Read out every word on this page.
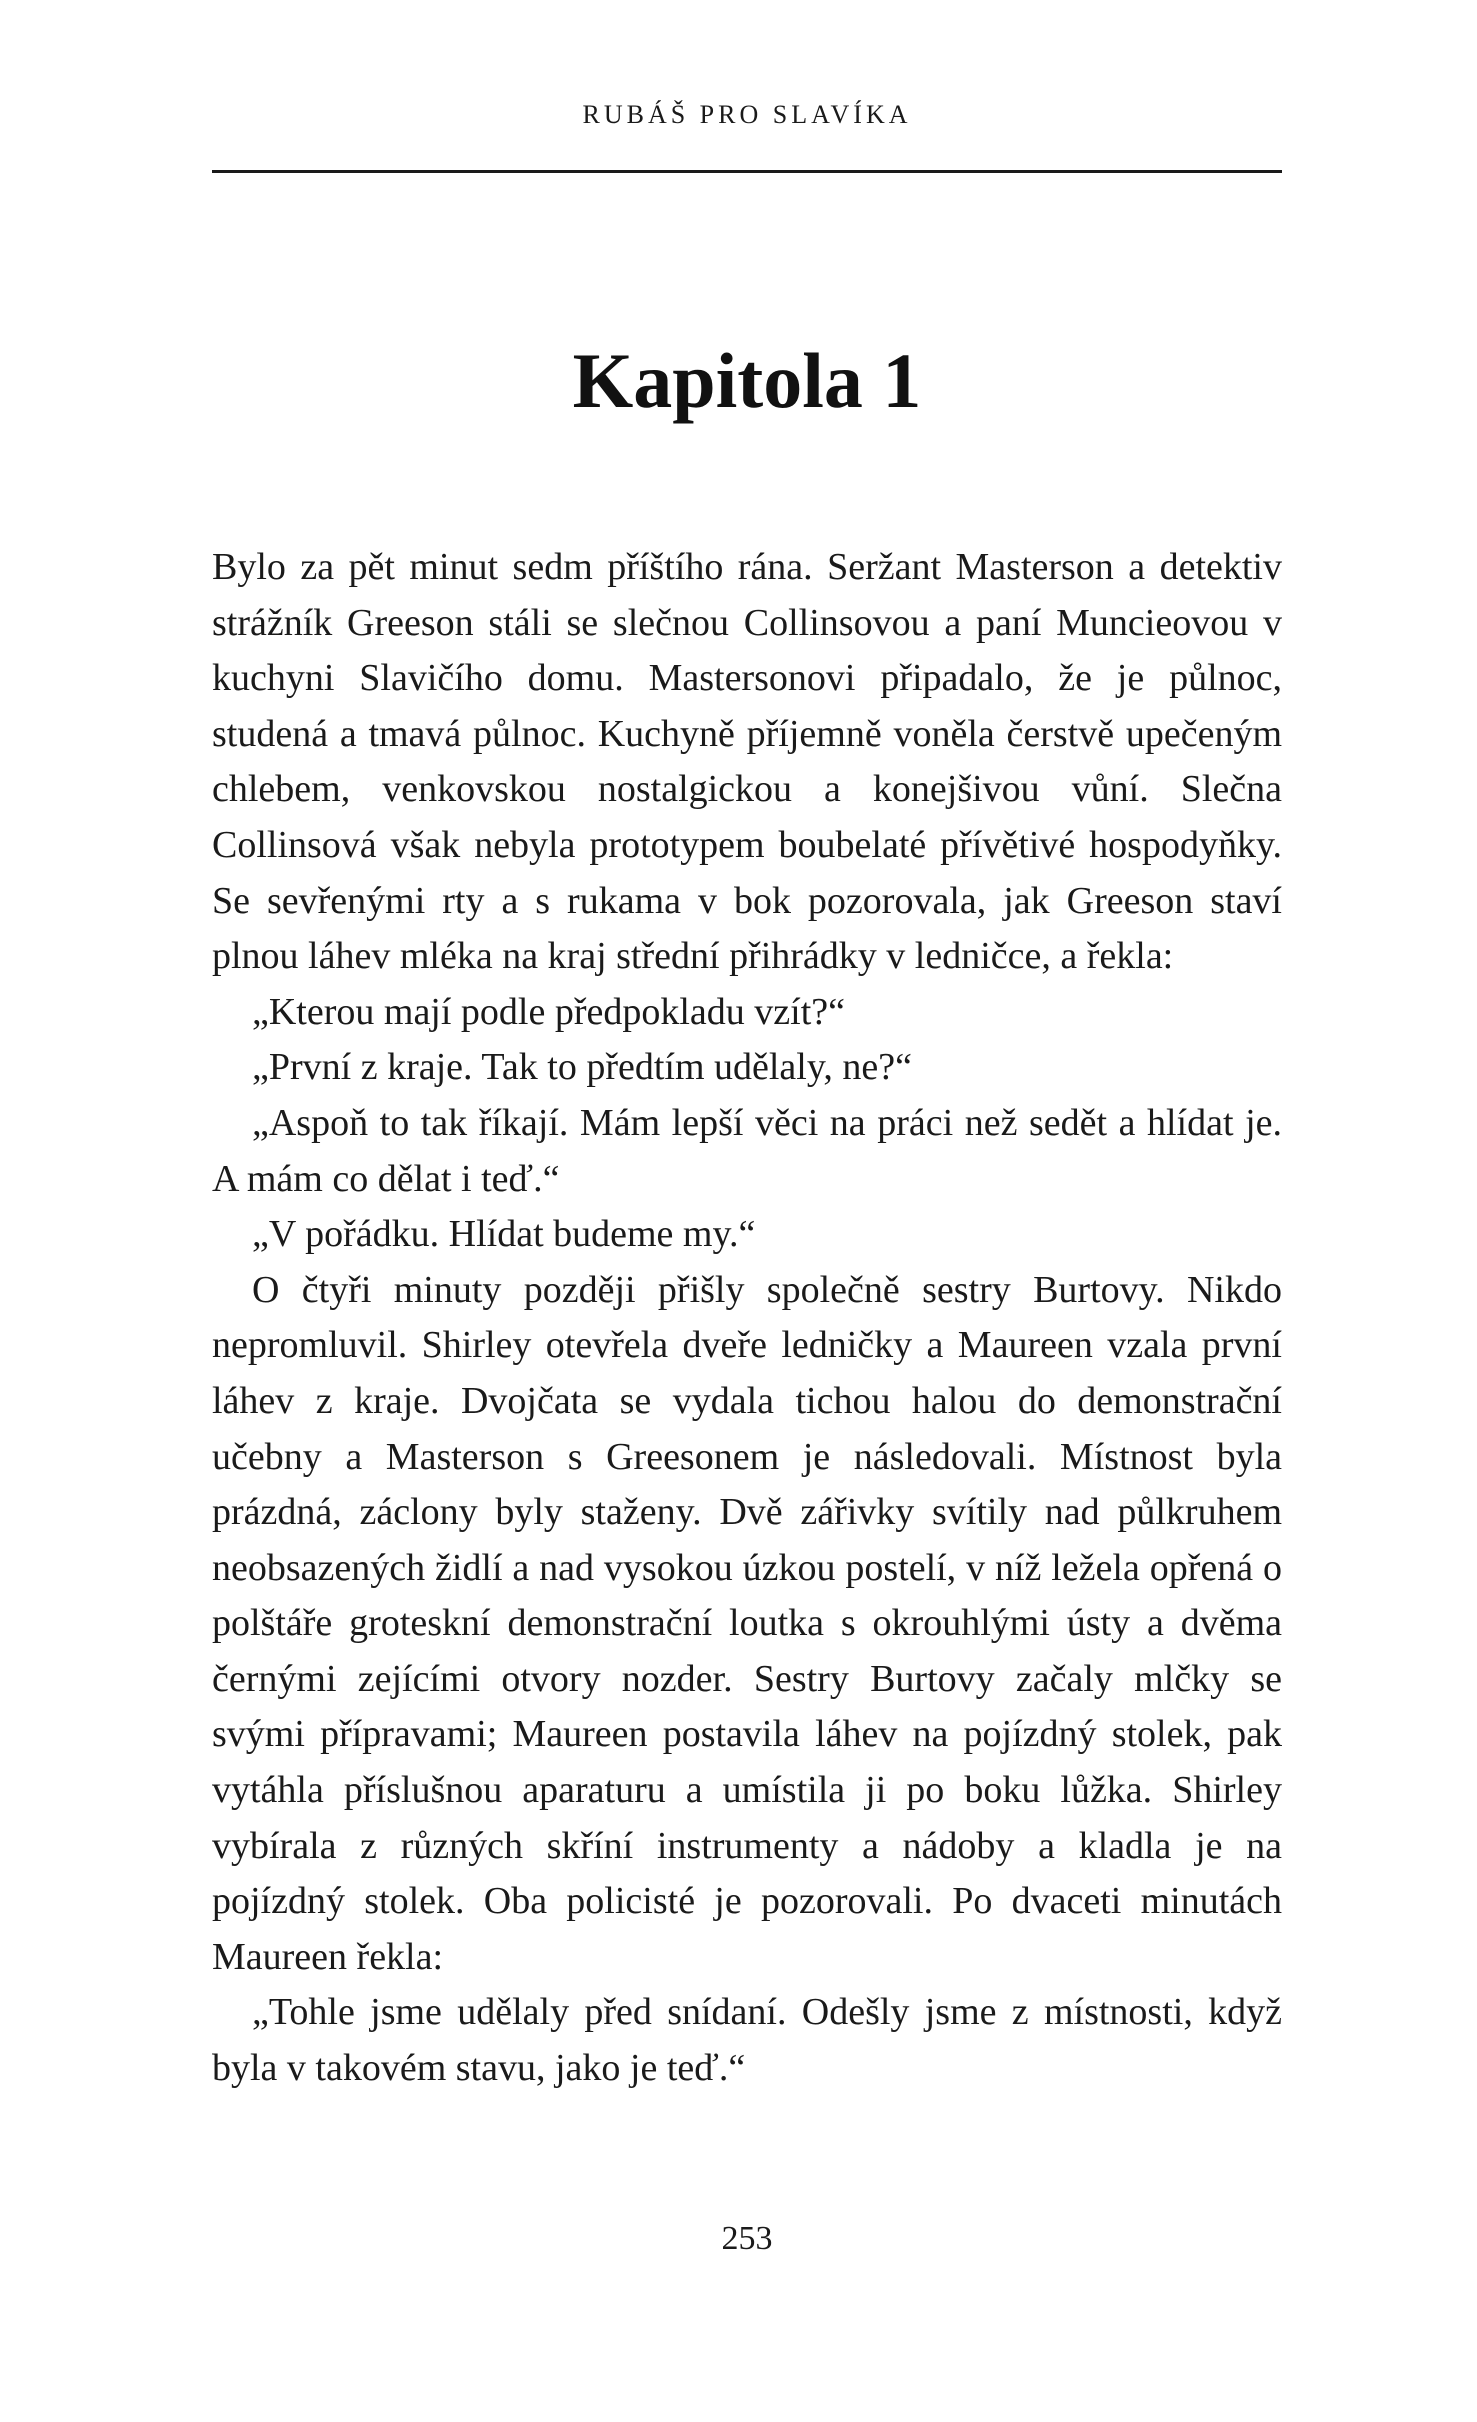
RUBÁŠ PRO SLAVÍKA
Kapitola 1

Bylo za pět minut sedm příštího rána. Seržant Masterson a detektiv strážník Greeson stáli se slečnou Collinsovou a paní Muncieovou v kuchyni Slavičího domu. Mastersonovi připadalo, že je půlnoc, studená a tmavá půlnoc. Kuchyně příjemně voněla čerstvě upečeným chlebem, venkovskou nostalgickou a konejšivou vůní. Slečna Collinsová však nebyla prototypem boubelaté přívětivé hospodyňky. Se sevřenými rty a s rukama v bok pozorovala, jak Greeson staví plnou láhev mléka na kraj střední přihrádky v ledničce, a řekla:

„Kterou mají podle předpokladu vzít?“

„První z kraje. Tak to předtím udělaly, ne?“

„Aspoň to tak říkají. Mám lepší věci na práci než sedět a hlídat je. A mám co dělat i teď.“

„V pořádku. Hlídat budeme my.“

O čtyři minuty později přišly společně sestry Burtovy. Nikdo nepromluvil. Shirley otevřela dveře ledničky a Maureen vzala první láhev z kraje. Dvojčata se vydala tichou halou do demonstrační učebny a Masterson s Greesonem je následovali. Místnost byla prázdná, záclony byly staženy. Dvě zářivky svítily nad půlkruhem neobsazených židlí a nad vysokou úzkou postelí, v níž ležela opřená o polštáře groteskní demonstrační loutka s okrouhlými ústy a dvěma černými zejícími otvory nozder. Sestry Burtovy začaly mlčky se svými přípravami; Maureen postavila láhev na pojízdný stolek, pak vytáhla příslušnou aparaturu a umístila ji po boku lůžka. Shirley vybírala z různých skříní instrumenty a nádoby a kladla je na pojízdný stolek. Oba policisté je pozorovali. Po dvaceti minutách Maureen řekla:

„Tohle jsme udělaly před snídaní. Odešly jsme z místnosti, když byla v takovém stavu, jako je teď.“

253
